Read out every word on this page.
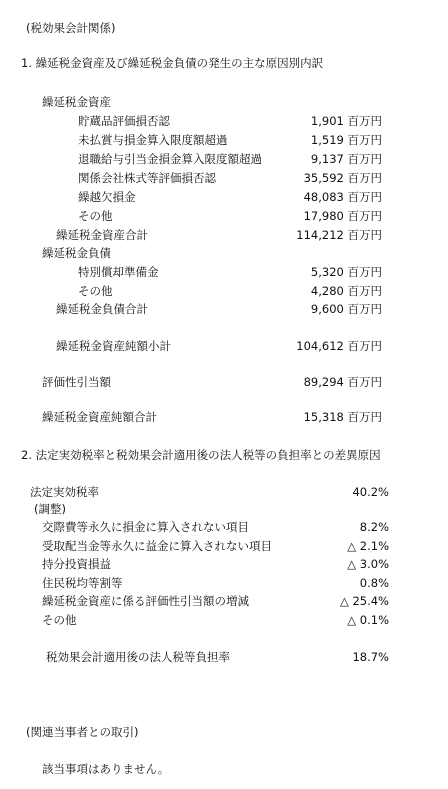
(税効果会計関係)
1. 繰延税金資産及び繰延税金負債の発生の主な原因別内訳
繰延税金資産
貯蔵品評価損否認	1,901 百万円
未払賞与損金算入限度額超過	1,519 百万円
退職給与引当金損金算入限度額超過	9,137 百万円
関係会社株式等評価損否認	35,592 百万円
繰越欠損金	48,083 百万円
その他	17,980 百万円
繰延税金資産合計	114,212 百万円
繰延税金負債
特別償却準備金	5,320 百万円
その他	4,280 百万円
繰延税金負債合計	9,600 百万円
繰延税金資産純額小計	104,612 百万円
評価性引当額	89,294 百万円
繰延税金資産純額合計	15,318 百万円
2. 法定実効税率と税効果会計適用後の法人税等の負担率との差異原因
法定実効税率	40.2%
(調整)
交際費等永久に損金に算入されない項目	8.2%
受取配当金等永久に益金に算入されない項目	△ 2.1%
持分投資損益	△ 3.0%
住民税均等割等	0.8%
繰延税金資産に係る評価性引当額の増減	△ 25.4%
その他	△ 0.1%
税効果会計適用後の法人税等負担率	18.7%
(関連当事者との取引)
該当事項はありません。
